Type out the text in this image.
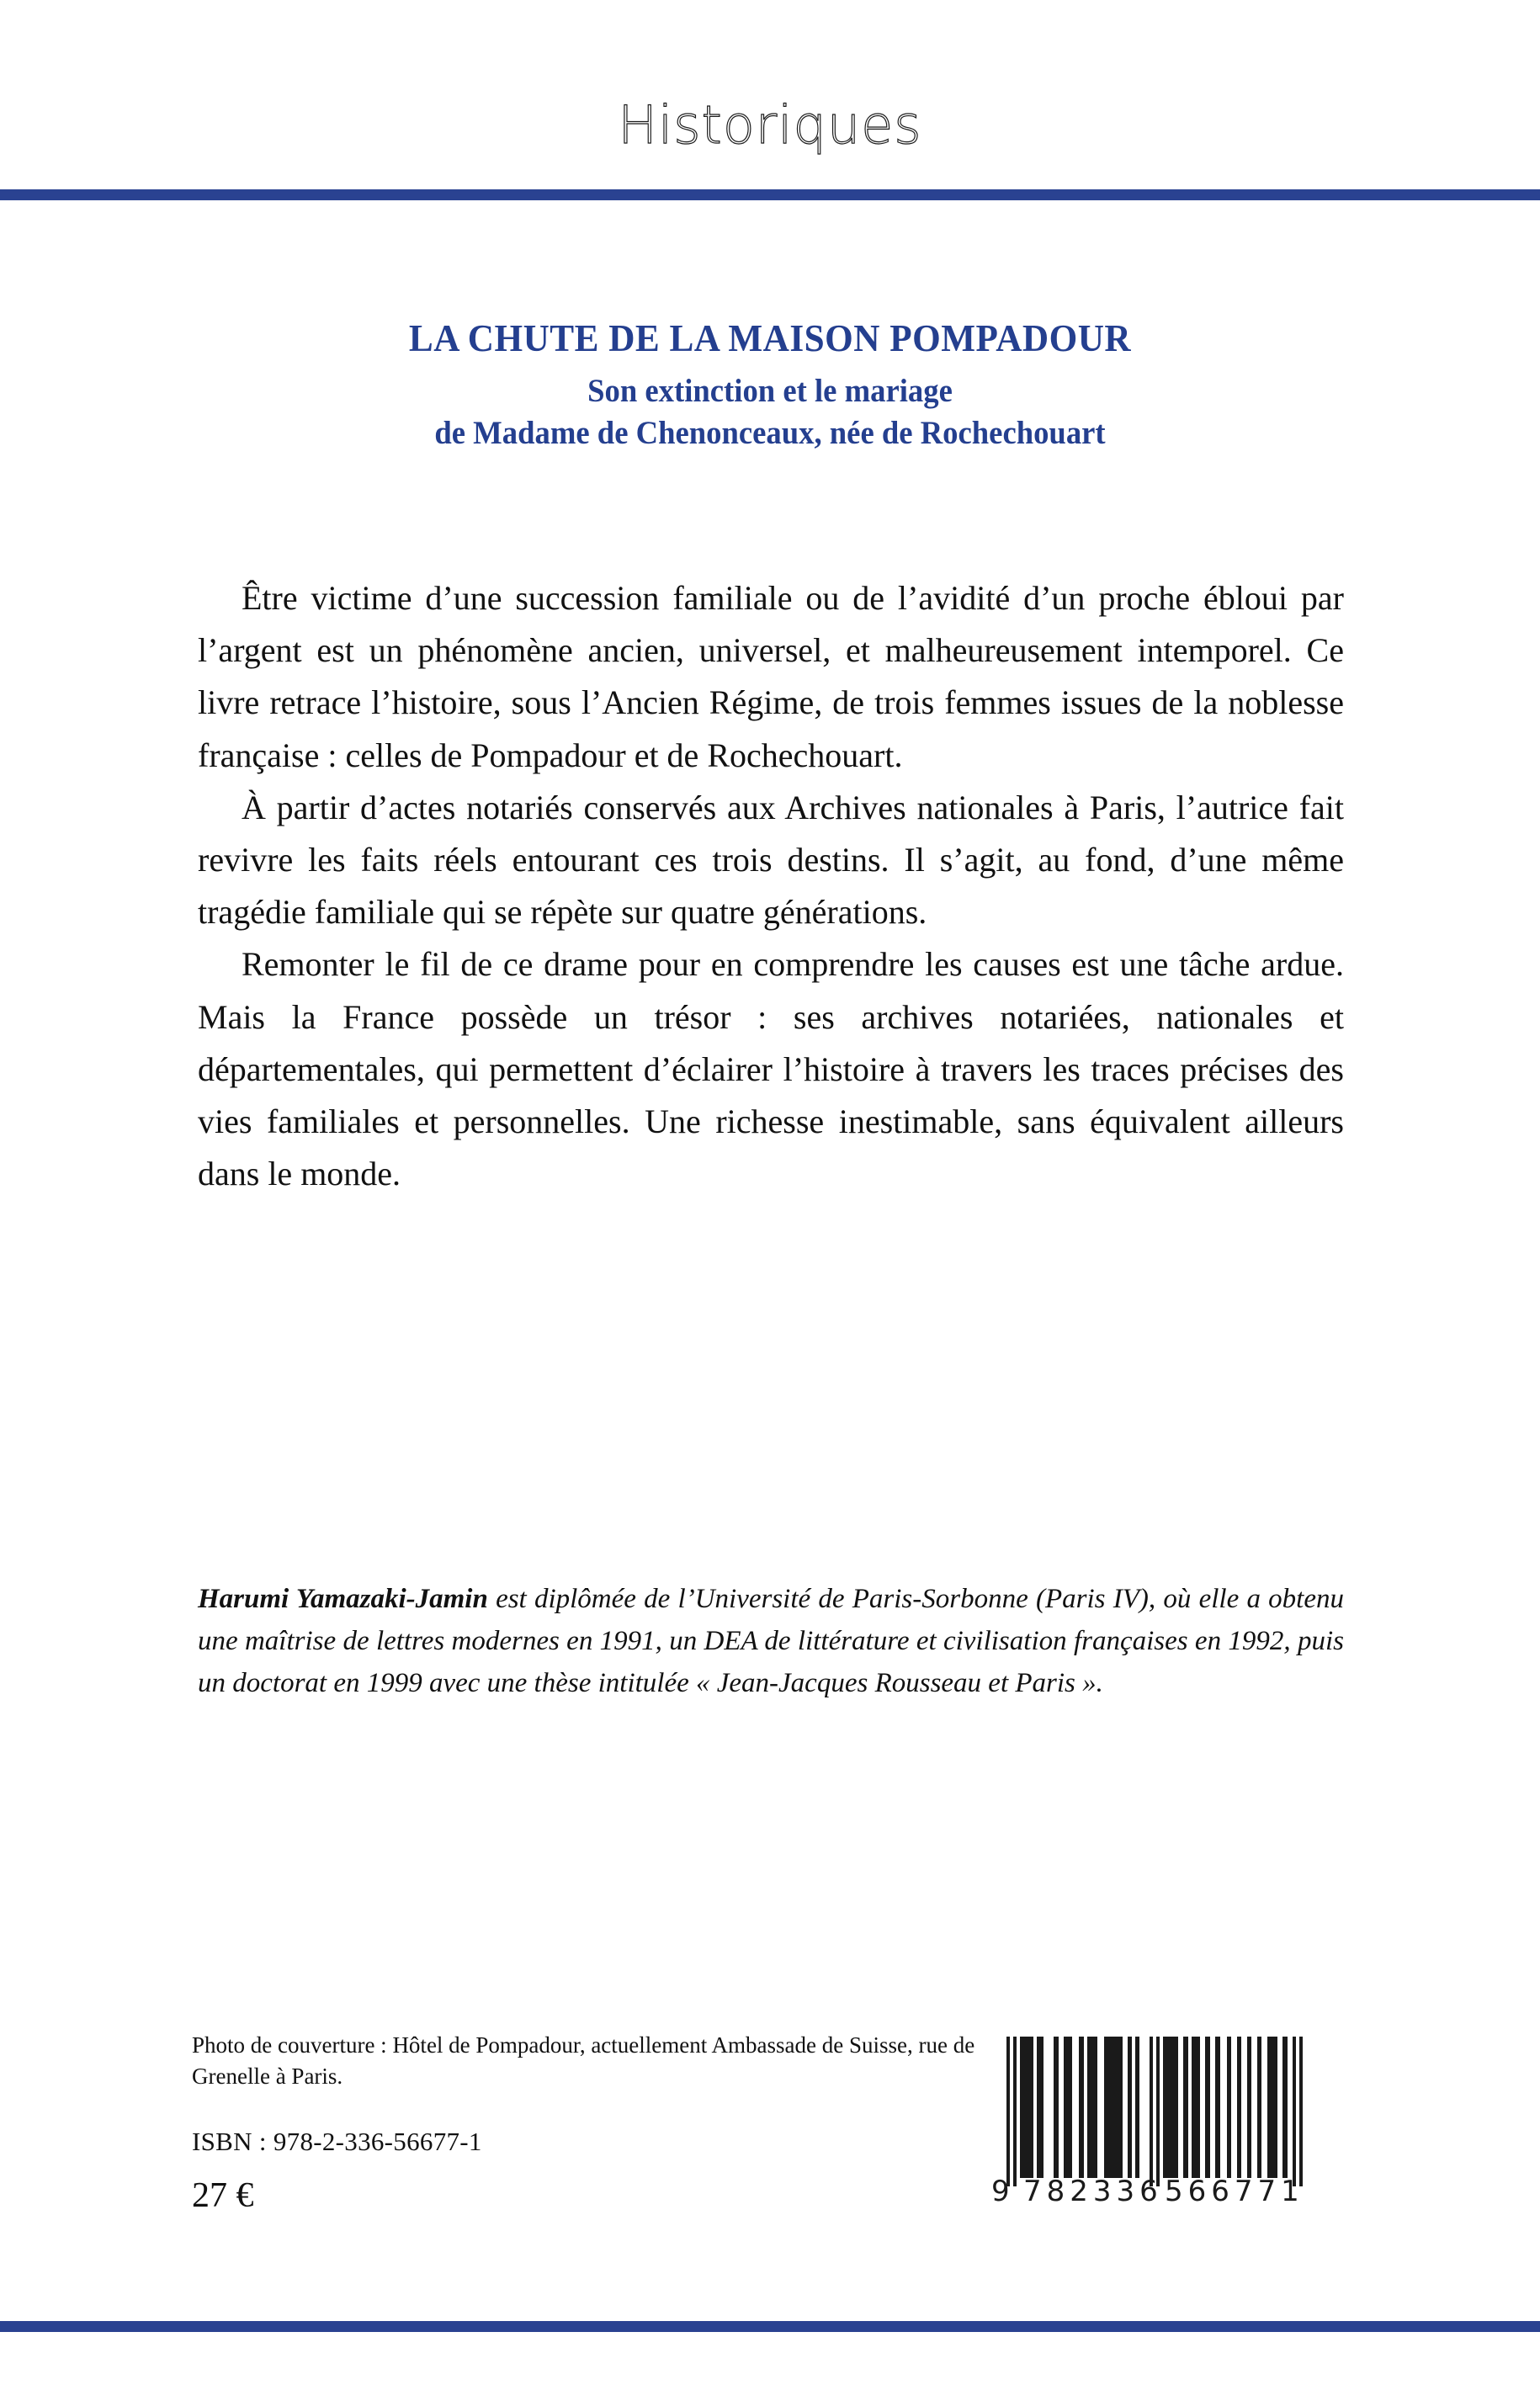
Historiques
LA CHUTE DE LA MAISON POMPADOUR
Son extinction et le mariage
de Madame de Chenonceaux, née de Rochechouart

Être victime d’une succession familiale ou de l’avidité d’un proche ébloui par l’argent est un phénomène ancien, universel, et malheureusement intemporel. Ce livre retrace l’histoire, sous l’Ancien Régime, de trois femmes issues de la noblesse française : celles de Pompadour et de Rochechouart.

À partir d’actes notariés conservés aux Archives nationales à Paris, l’autrice fait revivre les faits réels entourant ces trois destins. Il s’agit, au fond, d’une même tragédie familiale qui se répète sur quatre générations.

Remonter le fil de ce drame pour en comprendre les causes est une tâche ardue. Mais la France possède un trésor : ses archives notariées, nationales et départementales, qui permettent d’éclairer l’histoire à travers les traces précises des vies familiales et personnelles. Une richesse inestimable, sans équivalent ailleurs dans le monde.

Harumi Yamazaki-Jamin est diplômée de l’Université de Paris-Sorbonne (Paris IV), où elle a obtenu une maîtrise de lettres modernes en 1991, un DEA de littérature et civilisation françaises en 1992, puis un doctorat en 1999 avec une thèse intitulée « Jean-Jacques Rousseau et Paris ».

Photo de couverture : Hôtel de Pompadour, actuellement Ambassade de Suisse, rue de Grenelle à Paris.

ISBN : 978-2-336-56677-1

27 €	9 782336 566771
